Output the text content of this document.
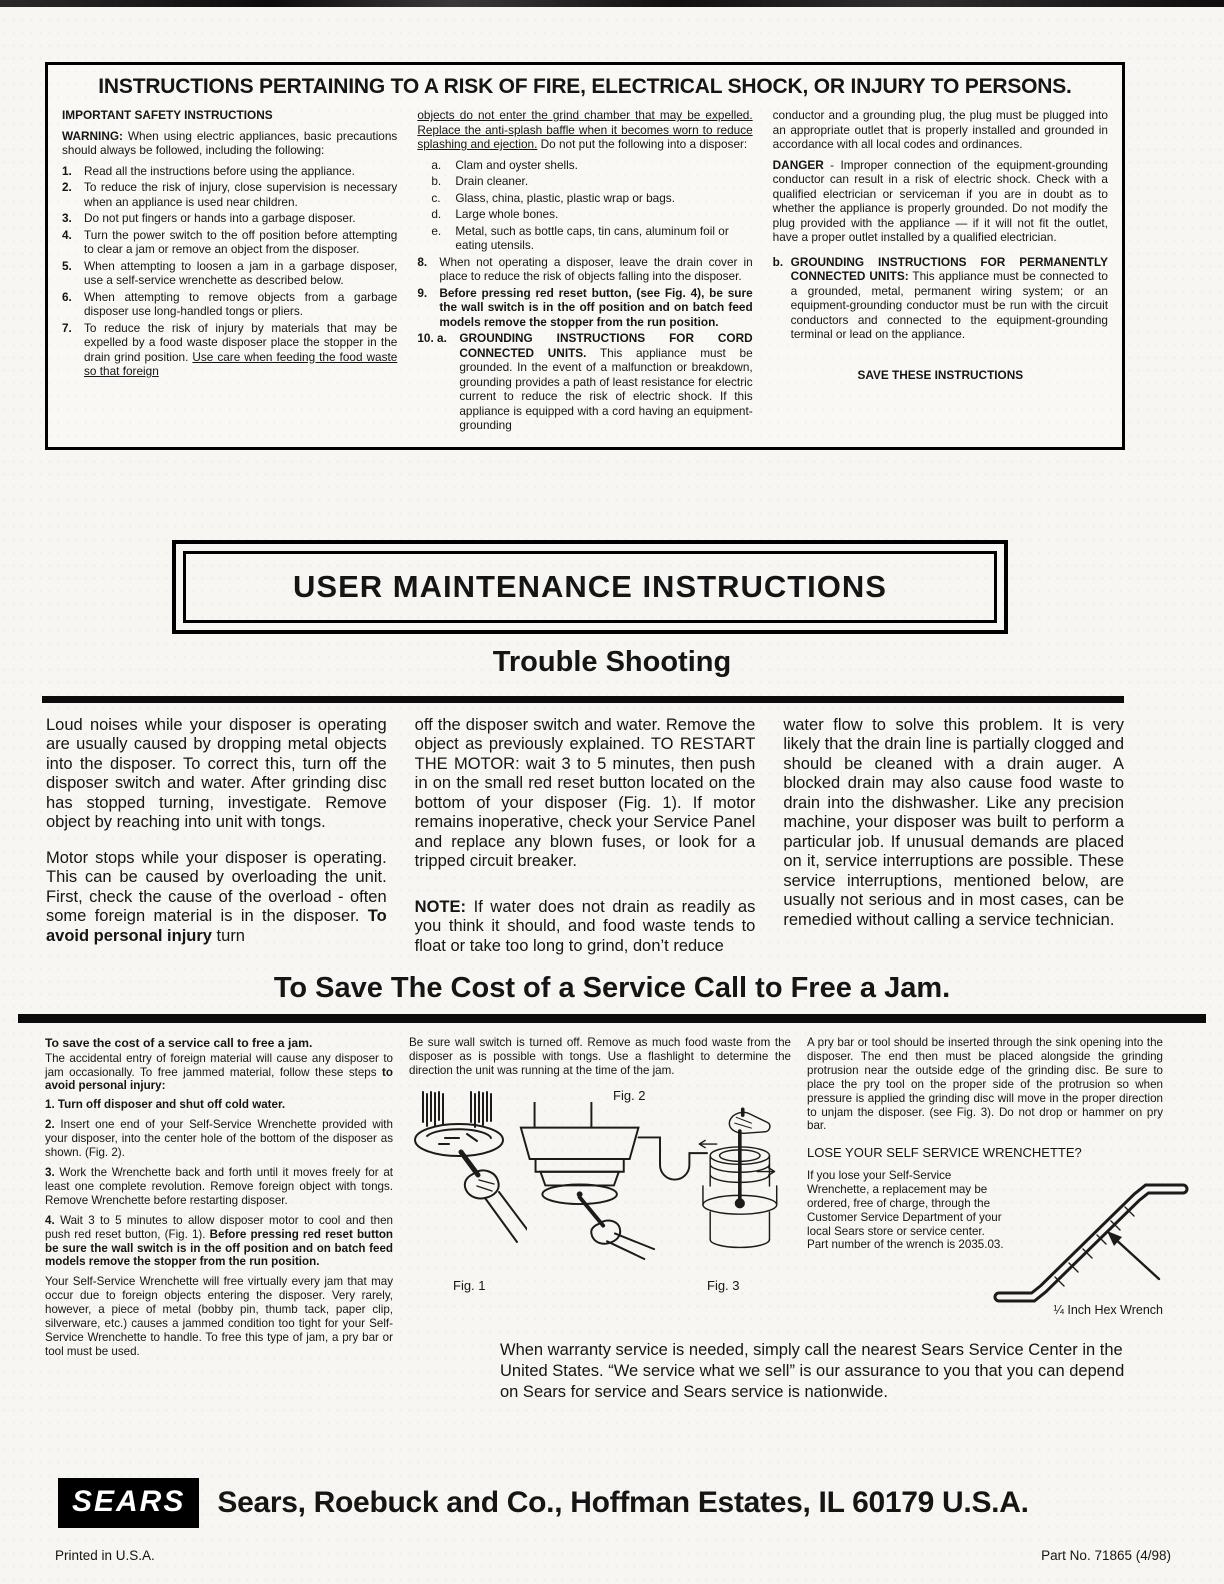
INSTRUCTIONS PERTAINING TO A RISK OF FIRE, ELECTRICAL SHOCK, OR INJURY TO PERSONS.

IMPORTANT SAFETY INSTRUCTIONS

WARNING: When using electric appliances, basic precautions should always be followed, including the following:

1.	Read all the instructions before using the appliance.
2.	To reduce the risk of injury, close supervision is necessary when an appliance is used near children.
3.	Do not put fingers or hands into a garbage disposer.
4.	Turn the power switch to the off position before attempting to clear a jam or remove an object from the disposer.
5.	When attempting to loosen a jam in a garbage disposer, use a self-service wrenchette as described below.
6.	When attempting to remove objects from a garbage disposer use long-handled tongs or pliers.
7.	To reduce the risk of injury by materials that may be expelled by a food waste disposer place the stopper in the drain grind position. Use care when feeding the food waste so that foreign

objects do not enter the grind chamber that may be expelled. Replace the anti-splash baffle when it becomes worn to reduce splashing and ejection. Do not put the following into a disposer:

a.	Clam and oyster shells.
b.	Drain cleaner.
c.	Glass, china, plastic, plastic wrap or bags.
d.	Large whole bones.
e.	Metal, such as bottle caps, tin cans, aluminum foil or eating utensils.
8.	When not operating a disposer, leave the drain cover in place to reduce the risk of objects falling into the disposer.
9.	Before pressing red reset button, (see Fig. 4), be sure the wall switch is in the off position and on batch feed models remove the stopper from the run position.
10. a.	GROUNDING INSTRUCTIONS FOR CORD CONNECTED UNITS. This appliance must be grounded. In the event of a malfunction or breakdown, grounding provides a path of least resistance for electric current to reduce the risk of electric shock. If this appliance is equipped with a cord having an equipment-grounding

conductor and a grounding plug, the plug must be plugged into an appropriate outlet that is properly installed and grounded in accordance with all local codes and ordinances.

DANGER - Improper connection of the equipment-grounding conductor can result in a risk of electric shock. Check with a qualified electrician or serviceman if you are in doubt as to whether the appliance is properly grounded. Do not modify the plug provided with the appliance — if it will not fit the outlet, have a proper outlet installed by a qualified electrician.

b. GROUNDING INSTRUCTIONS FOR PERMANENTLY CONNECTED UNITS: This appliance must be connected to a grounded, metal, permanent wiring system; or an equipment-grounding conductor must be run with the circuit conductors and connected to the equipment-grounding terminal or lead on the appliance.

SAVE THESE INSTRUCTIONS

USER MAINTENANCE INSTRUCTIONS
Trouble Shooting

Loud noises while your disposer is operating are usually caused by dropping metal objects into the disposer. To correct this, turn off the disposer switch and water. After grinding disc has stopped turning, investigate. Remove object by reaching into unit with tongs.

Motor stops while your disposer is operating. This can be caused by overloading the unit. First, check the cause of the overload - often some foreign material is in the disposer. To avoid personal injury turn

off the disposer switch and water. Remove the object as previously explained. TO RESTART THE MOTOR: wait 3 to 5 minutes, then push in on the small red reset button located on the bottom of your disposer (Fig. 1). If motor remains inoperative, check your Service Panel and replace any blown fuses, or look for a tripped circuit breaker.

NOTE: If water does not drain as readily as you think it should, and food waste tends to float or take too long to grind, don’t reduce

water flow to solve this problem. It is very likely that the drain line is partially clogged and should be cleaned with a drain auger. A blocked drain may also cause food waste to drain into the dishwasher. Like any precision machine, your disposer was built to perform a particular job. If unusual demands are placed on it, service interruptions are possible. These service interruptions, mentioned below, are usually not serious and in most cases, can be remedied without calling a service technician.

To Save The Cost of a Service Call to Free a Jam.

To save the cost of a service call to free a jam.

The accidental entry of foreign material will cause any disposer to jam occasionally. To free jammed material, follow these steps to avoid personal injury:

1. Turn off disposer and shut off cold water.

2. Insert one end of your Self-Service Wrenchette provided with your disposer, into the center hole of the bottom of the disposer as shown. (Fig. 2).

3. Work the Wrenchette back and forth until it moves freely for at least one complete revolution. Remove foreign object with tongs. Remove Wrenchette before restarting disposer.

4. Wait 3 to 5 minutes to allow disposer motor to cool and then push red reset button, (Fig. 1). Before pressing red reset button be sure the wall switch is in the off position and on batch feed models remove the stopper from the run position.

Your Self-Service Wrenchette will free virtually every jam that may occur due to foreign objects entering the disposer. Very rarely, however, a piece of metal (bobby pin, thumb tack, paper clip, silverware, etc.) causes a jammed condition too tight for your Self-Service Wrenchette to handle. To free this type of jam, a pry bar or tool must be used.

Be sure wall switch is turned off. Remove as much food waste from the disposer as is possible with tongs. Use a flashlight to determine the direction the unit was running at the time of the jam.

Fig. 1
Fig. 2
Fig. 3

A pry bar or tool should be inserted through the sink opening into the disposer. The end then must be placed alongside the grinding protrusion near the outside edge of the grinding disc. Be sure to place the pry tool on the proper side of the protrusion so when pressure is applied the grinding disc will move in the proper direction to unjam the disposer. (see Fig. 3). Do not drop or hammer on pry bar.

LOSE YOUR SELF SERVICE WRENCHETTE?

If you lose your Self-Service Wrenchette, a replacement may be ordered, free of charge, through the Customer Service Department of your local Sears store or service center. Part number of the wrench is 2035.03.

¼ Inch Hex Wrench

When warranty service is needed, simply call the nearest Sears Service Center in the United States. “We service what we sell” is our assurance to you that you can depend on Sears for service and Sears service is nationwide.

SEARS	Sears, Roebuck and Co., Hoffman Estates, IL 60179 U.S.A.
Printed in U.S.A.	Part No. 71865 (4/98)
